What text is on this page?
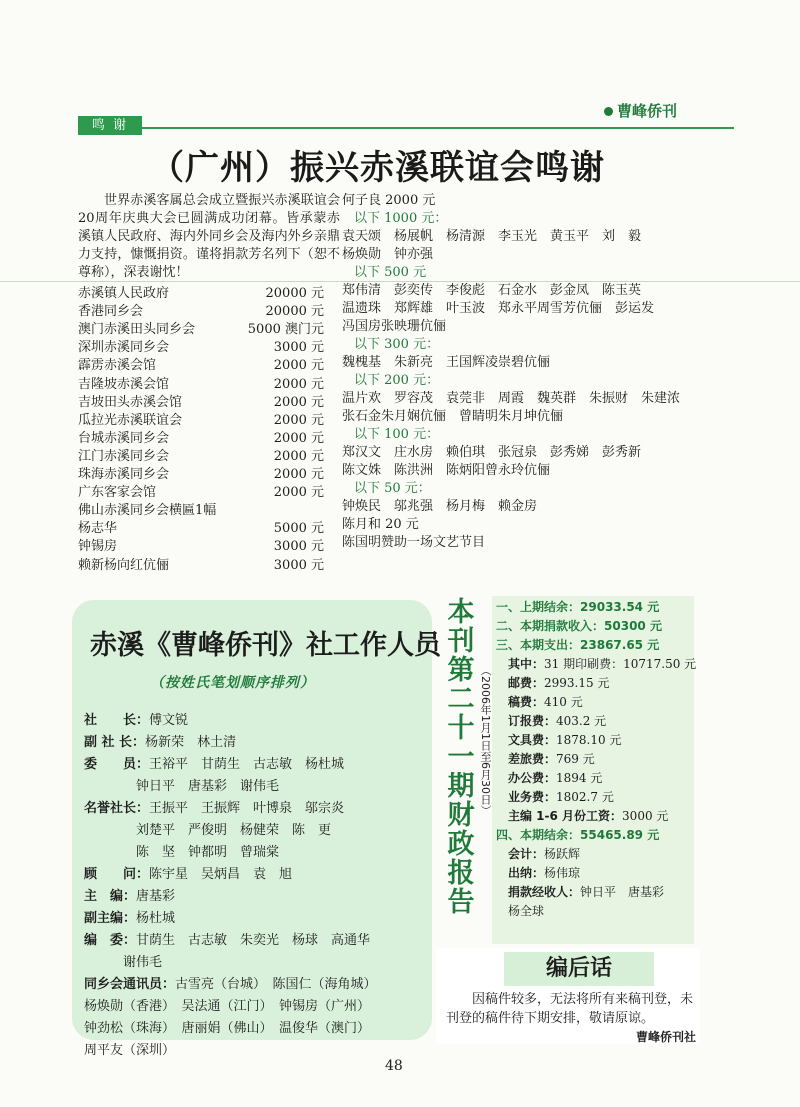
鸣 谢
曹峰侨刊
（广州）振兴赤溪联谊会鸣谢
世界赤溪客属总会成立暨振兴赤溪联谊会20周年庆典大会已圆满成功闭幕。皆承蒙赤溪镇人民政府、海内外同乡会及海内外乡亲鼎力支持，慷慨捐资。谨将捐款芳名列下（恕不尊称），深表谢忱！
赤溪镇人民政府	20000 元
香港同乡会	20000 元
澳门赤溪田头同乡会	5000 澳门元
深圳赤溪同乡会	3000 元
霹雳赤溪会馆	2000 元
吉隆坡赤溪会馆	2000 元
吉坡田头赤溪会馆	2000 元
瓜拉光赤溪联谊会	2000 元
台城赤溪同乡会	2000 元
江门赤溪同乡会	2000 元
珠海赤溪同乡会	2000 元
广东客家会馆	2000 元
佛山赤溪同乡会横匾1幅
杨志华	5000 元
钟锡房	3000 元
赖新杨向红伉俪	3000 元
何子良 2000 元
以下 1000 元：
袁天颂　杨展帆　杨清源　李玉光　黄玉平　刘　毅
杨焕勋　钟亦强
以下 500 元
郑伟清　彭奕传　李俊彪　石金水　彭金凤　陈玉英
温遗珠　郑辉雄　叶玉波　郑永平周雪芳伉俪　彭运发
冯国房张映珊伉俪
以下 300 元：
魏槐基　朱新亮　王国辉凌崇碧伉俪
以下 200 元：
温片欢　罗容茂　袁莞非　周霞　魏英群　朱振财　朱建浓
张石金朱月娴伉俪　曾睛明朱月坤伉俪
以下 100 元：
郑汉文　庄水房　赖伯琪　张冠泉　彭秀娣　彭秀新
陈文姝　陈洪洲　陈炳阳曾永玲伉俪
以下 50 元：
钟焕民　邬兆强　杨月梅　赖金房
陈月和 20 元
陈国明赞助一场文艺节目
赤溪《曹峰侨刊》社工作人员
（按姓氏笔划顺序排列）
社　　长：傅文锐
副 社 长：杨新荣　林土清
委　　员：王裕平　甘荫生　古志敏　杨杜城
　　　　钟日平　唐基彩　谢伟毛
名誉社长：王振平　王振辉　叶博泉　邬宗炎
　　　　刘楚平　严俊明　杨健荣　陈　更
　　　　陈　坚　钟都明　曾瑞棠
顾　　问：陈宇星　吴炳昌　袁　旭
主　编：唐基彩
副主编：杨杜城
编　委：甘荫生　古志敏　朱奕光　杨球　高通华
　　　谢伟毛
同乡会通讯员：古雪亮（台城）　陈国仁（海角城）
杨焕勋（香港）　吴法通（江门）　钟锡房（广州）
钟劲松（珠海）　唐丽娟（佛山）　温俊华（澳门）
周平友（深圳）
本
刊
第
二
十
一
期
财
政
报
告
（2006年1月1日至6月30日）
一、上期结余：29033.54 元
二、本期捐款收入：50300 元
三、本期支出：23867.65 元
其中：31 期印刷费：10717.50 元
邮费：2993.15 元
稿费：410 元
订报费：403.2 元
文具费：1878.10 元
差旅费：769 元
办公费：1894 元
业务费：1802.7 元
主编 1-6 月份工资：3000 元
四、本期结余：55465.89 元
会计：杨跃辉
出纳：杨伟琼
捐款经收人：钟日平　唐基彩
杨全球
编后话
因稿件较多，无法将所有来稿刊登，未刊登的稿件待下期安排，敬请原谅。
曹峰侨刊社
48
